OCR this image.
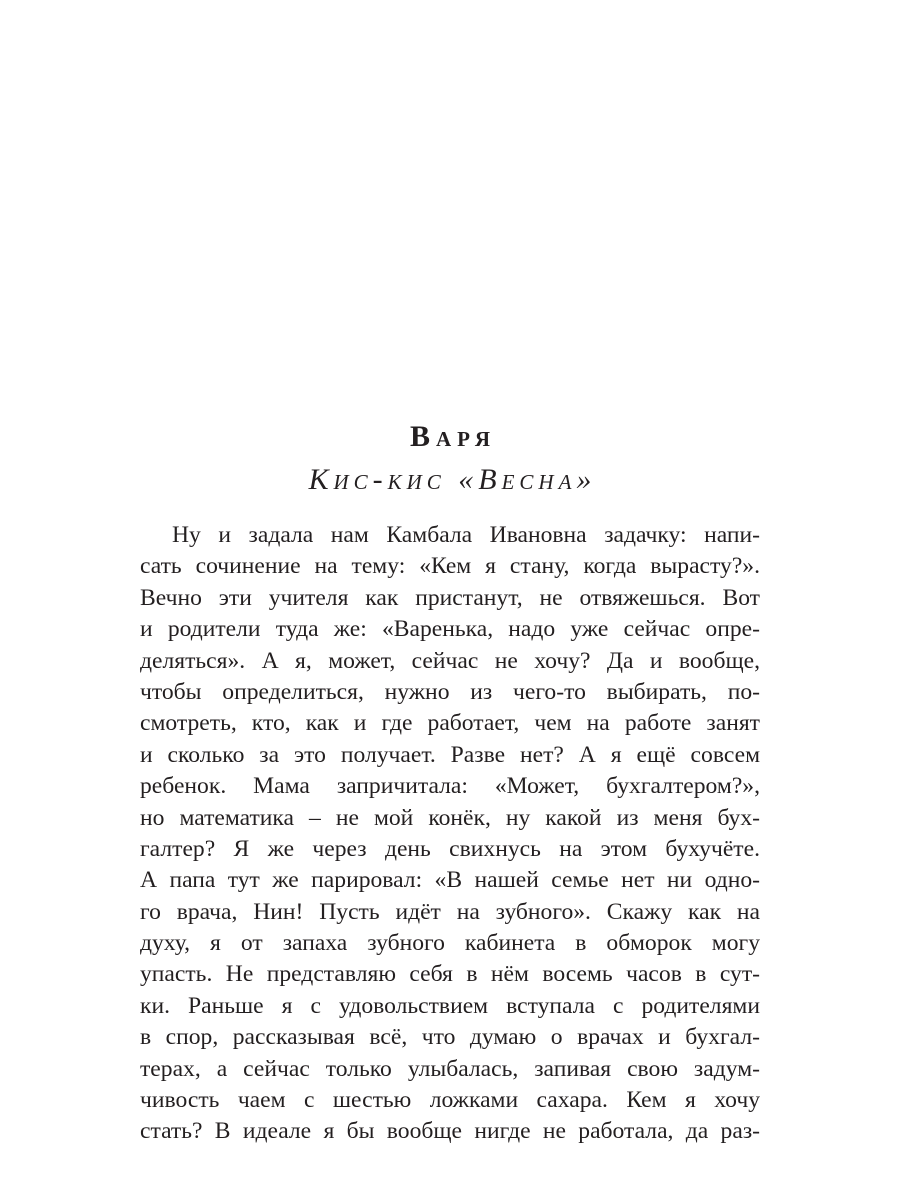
Варя
Кис-кис «Весна»
Ну и задала нам Камбала Ивановна задачку: напи-
сать сочинение на тему: «Кем я стану, когда вырасту?».
Вечно эти учителя как пристанут, не отвяжешься. Вот
и родители туда же: «Варенька, надо уже сейчас опре-
деляться». А я, может, сейчас не хочу? Да и вообще,
чтобы определиться, нужно из чего-то выбирать, по-
смотреть, кто, как и где работает, чем на работе занят
и сколько за это получает. Разве нет? А я ещё совсем
ребенок. Мама запричитала: «Может, бухгалтером?»,
но математика – не мой конёк, ну какой из меня бух-
галтер? Я же через день свихнусь на этом бухучёте.
А папа тут же парировал: «В нашей семье нет ни одно-
го врача, Нин! Пусть идёт на зубного». Скажу как на
духу, я от запаха зубного кабинета в обморок могу
упасть. Не представляю себя в нём восемь часов в сут-
ки. Раньше я с удовольствием вступала с родителями
в спор, рассказывая всё, что думаю о врачах и бухгал-
терах, а сейчас только улыбалась, запивая свою задум-
чивость чаем с шестью ложками сахара. Кем я хочу
стать? В идеале я бы вообще нигде не работала, да раз-
